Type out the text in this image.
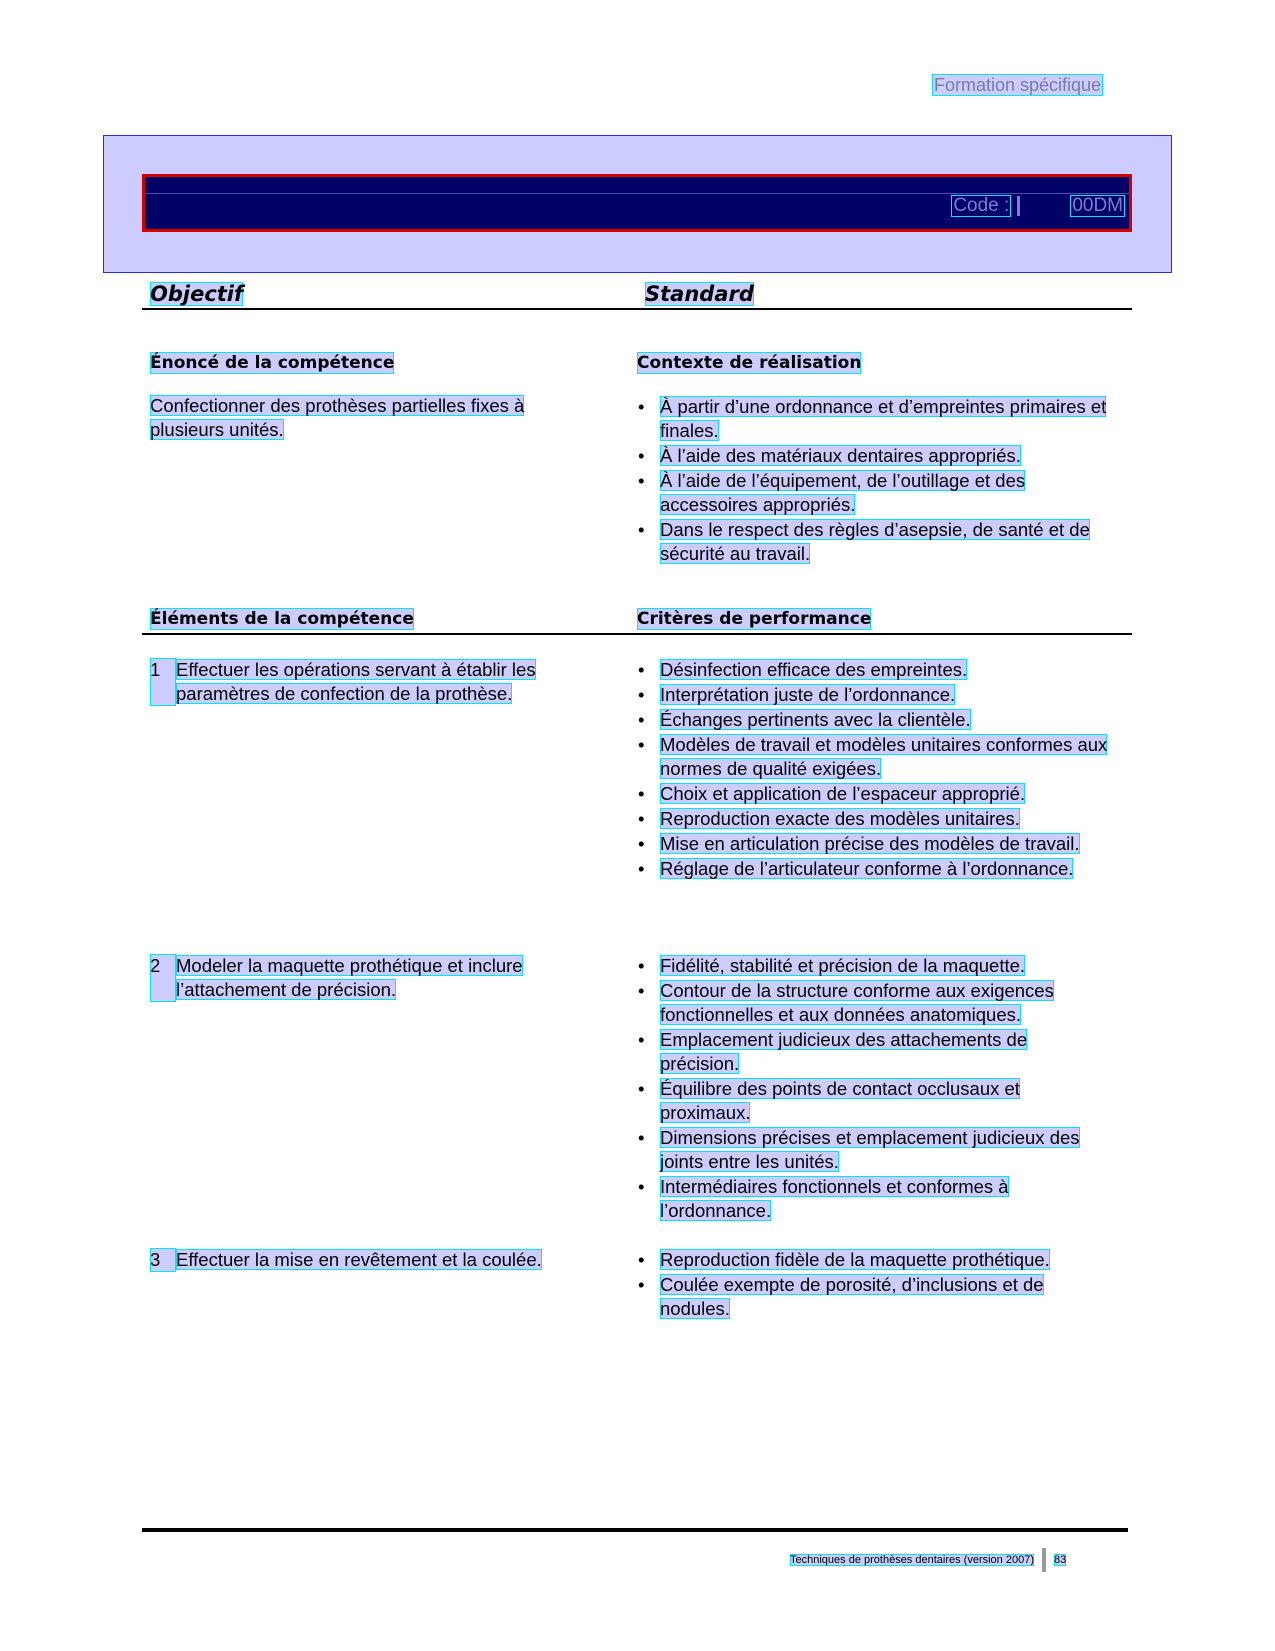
Formation spécifique
Code :	00DM
Objectif	Standard
Énoncé de la compétence	Contexte de réalisation
Confectionner des prothèses partielles fixes à plusieurs unités.
• À partir d’une ordonnance et d’empreintes primaires et finales.
• À l’aide des matériaux dentaires appropriés.
• À l’aide de l’équipement, de l’outillage et des accessoires appropriés.
• Dans le respect des règles d’asepsie, de santé et de sécurité au travail.
Éléments de la compétence	Critères de performance
1 Effectuer les opérations servant à établir les paramètres de confection de la prothèse.
• Désinfection efficace des empreintes.
• Interprétation juste de l’ordonnance.
• Échanges pertinents avec la clientèle.
• Modèles de travail et modèles unitaires conformes aux normes de qualité exigées.
• Choix et application de l’espaceur approprié.
• Reproduction exacte des modèles unitaires.
• Mise en articulation précise des modèles de travail.
• Réglage de l’articulateur conforme à l’ordonnance.
2 Modeler la maquette prothétique et inclure l’attachement de précision.
• Fidélité, stabilité et précision de la maquette.
• Contour de la structure conforme aux exigences fonctionnelles et aux données anatomiques.
• Emplacement judicieux des attachements de précision.
• Équilibre des points de contact occlusaux et proximaux.
• Dimensions précises et emplacement judicieux des joints entre les unités.
• Intermédiaires fonctionnels et conformes à l’ordonnance.
3 Effectuer la mise en revêtement et la coulée.
•	Reproduction fidèle de la maquette prothétique.
• Coulée exempte de porosité, d’inclusions et de nodules.
Techniques de prothèses dentaires (version 2007) 83
